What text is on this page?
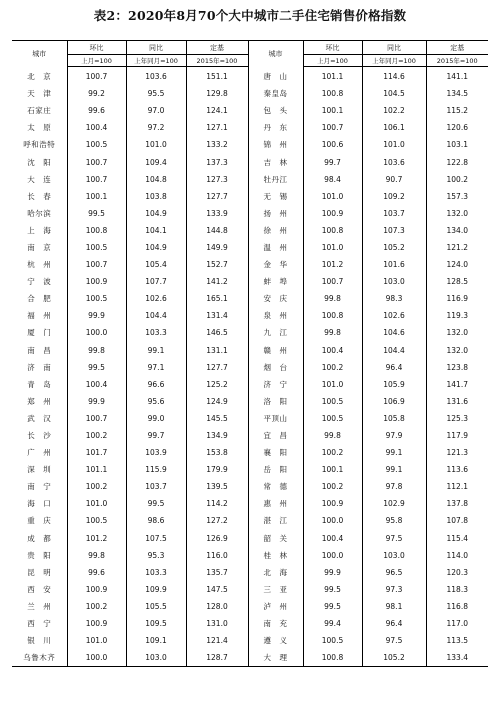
表2：2020年8月70个大中城市二手住宅销售价格指数
城市	环比	同比	定基	城市	环比	同比	定基
	上月=100	上年同月=100	2015年=100		上月=100	上年同月=100	2015年=100
北　京	100.7	103.6	151.1	唐　山	101.1	114.6	141.1
天　津	99.2	95.5	129.8	秦皇岛	100.8	104.5	134.5
石家庄	99.6	97.0	124.1	包　头	100.1	102.2	115.2
太　原	100.4	97.2	127.1	丹　东	100.7	106.1	120.6
呼和浩特	100.5	101.0	133.2	锦　州	100.6	101.0	103.1
沈　阳	100.7	109.4	137.3	吉　林	99.7	103.6	122.8
大　连	100.7	104.8	127.3	牡丹江	98.4	90.7	100.2
长　春	100.1	103.8	127.7	无　锡	101.0	109.2	157.3
哈尔滨	99.5	104.9	133.9	扬　州	100.9	103.7	132.0
上　海	100.8	104.1	144.8	徐　州	100.8	107.3	134.0
南　京	100.5	104.9	149.9	温　州	101.0	105.2	121.2
杭　州	100.7	105.4	152.7	金　华	101.2	101.6	124.0
宁　波	100.9	107.7	141.2	蚌　埠	100.7	103.0	128.5
合　肥	100.5	102.6	165.1	安　庆	99.8	98.3	116.9
福　州	99.9	104.4	131.4	泉　州	100.8	102.6	119.3
厦　门	100.0	103.3	146.5	九　江	99.8	104.6	132.0
南　昌	99.8	99.1	131.1	赣　州	100.4	104.4	132.0
济　南	99.5	97.1	127.7	烟　台	100.2	96.4	123.8
青　岛	100.4	96.6	125.2	济　宁	101.0	105.9	141.7
郑　州	99.9	95.6	124.9	洛　阳	100.5	106.9	131.6
武　汉	100.7	99.0	145.5	平顶山	100.5	105.8	125.3
长　沙	100.2	99.7	134.9	宜　昌	99.8	97.9	117.9
广　州	101.7	103.9	153.8	襄　阳	100.2	99.1	121.3
深　圳	101.1	115.9	179.9	岳　阳	100.1	99.1	113.6
南　宁	100.2	103.7	139.5	常　德	100.2	97.8	112.1
海　口	101.0	99.5	114.2	惠　州	100.9	102.9	137.8
重　庆	100.5	98.6	127.2	湛　江	100.0	95.8	107.8
成　都	101.2	107.5	126.9	韶　关	100.4	97.5	115.4
贵　阳	99.8	95.3	116.0	桂　林	100.0	103.0	114.0
昆　明	99.6	103.3	135.7	北　海	99.9	96.5	120.3
西　安	100.9	109.9	147.5	三　亚	99.5	97.3	118.3
兰　州	100.2	105.5	128.0	泸　州	99.5	98.1	116.8
西　宁	100.9	109.5	131.0	南　充	99.4	96.4	117.0
银　川	101.0	109.1	121.4	遵　义	100.5	97.5	113.5
乌鲁木齐	100.0	103.0	128.7	大　理	100.8	105.2	133.4
